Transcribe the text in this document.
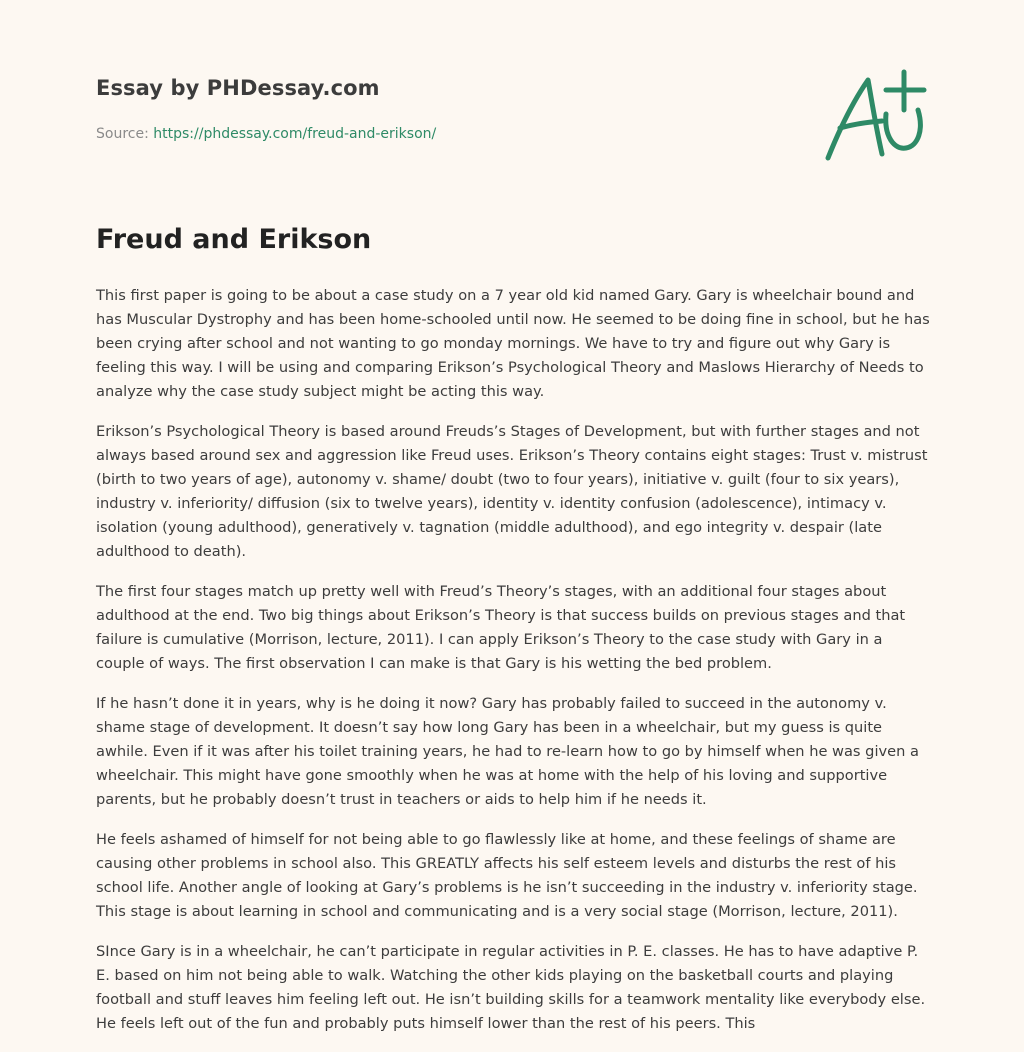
Essay by PHDessay.com
Source: https://phdessay.com/freud-and-erikson/
Freud and Erikson

This first paper is going to be about a case study on a 7 year old kid named Gary. Gary is wheelchair bound and has Muscular Dystrophy and has been home-schooled until now. He seemed to be doing fine in school, but he has been crying after school and not wanting to go monday mornings. We have to try and figure out why Gary is feeling this way. I will be using and comparing Erikson’s Psychological Theory and Maslows Hierarchy of Needs to analyze why the case study subject might be acting this way.

Erikson’s Psychological Theory is based around Freuds’s Stages of Development, but with further stages and not always based around sex and aggression like Freud uses. Erikson’s Theory contains eight stages: Trust v. mistrust (birth to two years of age), autonomy v. shame/ doubt (two to four years), initiative v. guilt (four to six years), industry v. inferiority/ diffusion (six to twelve years), identity v. identity confusion (adolescence), intimacy v. isolation (young adulthood), generatively v. tagnation (middle adulthood), and ego integrity v. despair (late adulthood to death).

The first four stages match up pretty well with Freud’s Theory’s stages, with an additional four stages about adulthood at the end. Two big things about Erikson’s Theory is that success builds on previous stages and that failure is cumulative (Morrison, lecture, 2011). I can apply Erikson’s Theory to the case study with Gary in a couple of ways. The first observation I can make is that Gary is his wetting the bed problem.

If he hasn’t done it in years, why is he doing it now? Gary has probably failed to succeed in the autonomy v. shame stage of development. It doesn’t say how long Gary has been in a wheelchair, but my guess is quite awhile. Even if it was after his toilet training years, he had to re-learn how to go by himself when he was given a wheelchair. This might have gone smoothly when he was at home with the help of his loving and supportive parents, but he probably doesn’t trust in teachers or aids to help him if he needs it.

He feels ashamed of himself for not being able to go flawlessly like at home, and these feelings of shame are causing other problems in school also. This GREATLY affects his self esteem levels and disturbs the rest of his school life. Another angle of looking at Gary’s problems is he isn’t succeeding in the industry v. inferiority stage. This stage is about learning in school and communicating and is a very social stage (Morrison, lecture, 2011).

SInce Gary is in a wheelchair, he can’t participate in regular activities in P. E. classes. He has to have adaptive P. E. based on him not being able to walk. Watching the other kids playing on the basketball courts and playing football and stuff leaves him feeling left out. He isn’t building skills for a teamwork mentality like everybody else. He feels left out of the fun and probably puts himself lower than the rest of his peers. This
